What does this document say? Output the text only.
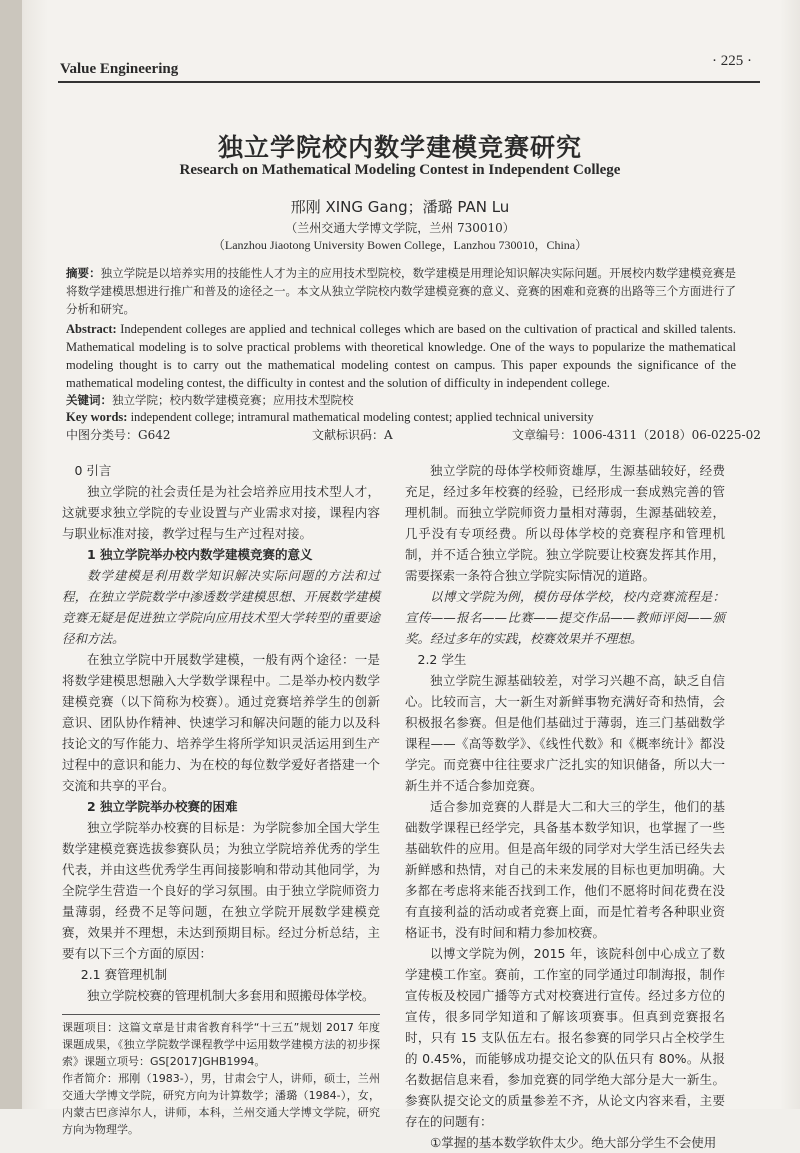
Value Engineering	· 225 ·
独立学院校内数学建模竞赛研究
Research on Mathematical Modeling Contest in Independent College
邢刚 XING Gang；潘璐 PAN Lu
（兰州交通大学博文学院，兰州 730010）
（Lanzhou Jiaotong University Bowen College，Lanzhou 730010，China）
摘要：独立学院是以培养实用的技能性人才为主的应用技术型院校，数学建模是用理论知识解决实际问题。开展校内数学建模竞赛是将数学建模思想进行推广和普及的途径之一。本文从独立学院校内数学建模竞赛的意义、竞赛的困难和竞赛的出路等三个方面进行了分析和研究。
Abstract: Independent colleges are applied and technical colleges which are based on the cultivation of practical and skilled talents. Mathematical modeling is to solve practical problems with theoretical knowledge. One of the ways to popularize the mathematical modeling thought is to carry out the mathematical modeling contest on campus. This paper expounds the significance of the mathematical modeling contest, the difficulty in contest and the solution of difficulty in independent college.
关键词：独立学院；校内数学建模竞赛；应用技术型院校
Key words: independent college; intramural mathematical modeling contest; applied technical university
中图分类号：G642	文献标识码：A	文章编号：1006-4311（2018）06-0225-02
0 引言

独立学院的社会责任是为社会培养应用技术型人才，这就要求独立学院的专业设置与产业需求对接，课程内容与职业标准对接，教学过程与生产过程对接。

1 独立学院举办校内数学建模竞赛的意义

数学建模是利用数学知识解决实际问题的方法和过程，在独立学院数学中渗透数学建模思想、开展数学建模竞赛无疑是促进独立学院向应用技术型大学转型的重要途径和方法。

在独立学院中开展数学建模，一般有两个途径：一是将数学建模思想融入大学数学课程中。二是举办校内数学建模竞赛（以下简称为校赛）。通过竞赛培养学生的创新意识、团队协作精神、快速学习和解决问题的能力以及科技论文的写作能力、培养学生将所学知识灵活运用到生产过程中的意识和能力、为在校的每位数学爱好者搭建一个交流和共享的平台。

2 独立学院举办校赛的困难

独立学院举办校赛的目标是：为学院参加全国大学生数学建模竞赛选拔参赛队员；为独立学院培养优秀的学生代表，并由这些优秀学生再间接影响和带动其他同学，为全院学生营造一个良好的学习氛围。由于独立学院师资力量薄弱，经费不足等问题，在独立学院开展数学建模竞赛，效果并不理想，未达到预期目标。经过分析总结，主要有以下三个方面的原因：

2.1 赛管理机制

独立学院校赛的管理机制大多套用和照搬母体学校。

课题项目：这篇文章是甘肃省教育科学“十三五”规划 2017 年度课题成果，《独立学院数学课程教学中运用数学建模方法的初步探索》课题立项号：GS[2017]GHB1994。
作者简介：邢刚（1983-），男，甘肃会宁人，讲师，硕士，兰州交通大学博文学院，研究方向为计算数学；潘璐（1984-），女，内蒙古巴彦淖尔人，讲师，本科，兰州交通大学博文学院，研究方向为物理学。

独立学院的母体学校师资雄厚，生源基础较好，经费充足，经过多年校赛的经验，已经形成一套成熟完善的管理机制。而独立学院师资力量相对薄弱，生源基础较差，几乎没有专项经费。所以母体学校的竞赛程序和管理机制，并不适合独立学院。独立学院要让校赛发挥其作用，需要探索一条符合独立学院实际情况的道路。

以博文学院为例，模仿母体学校，校内竞赛流程是：宣传——报名——比赛——提交作品——教师评阅——颁奖。经过多年的实践，校赛效果并不理想。

2.2 学生

独立学院生源基础较差，对学习兴趣不高，缺乏自信心。比较而言，大一新生对新鲜事物充满好奇和热情，会积极报名参赛。但是他们基础过于薄弱，连三门基础数学课程——《高等数学》、《线性代数》和《概率统计》都没学完。而竞赛中往往要求广泛扎实的知识储备，所以大一新生并不适合参加竞赛。

适合参加竞赛的人群是大二和大三的学生，他们的基础数学课程已经学完，具备基本数学知识，也掌握了一些基础软件的应用。但是高年级的同学对大学生活已经失去新鲜感和热情，对自己的未来发展的目标也更加明确。大多都在考虑将来能否找到工作，他们不愿将时间花费在没有直接利益的活动或者竞赛上面，而是忙着考各种职业资格证书，没有时间和精力参加校赛。

以博文学院为例，2015 年，该院科创中心成立了数学建模工作室。赛前，工作室的同学通过印制海报，制作宣传板及校园广播等方式对校赛进行宣传。经过多方位的宣传，很多同学知道和了解该项赛事。但真到竞赛报名时，只有 15 支队伍左右。报名参赛的同学只占全校学生的 0.45%，而能够成功提交论文的队伍只有 80%。从报名数据信息来看，参加竞赛的同学绝大部分是大一新生。参赛队提交论文的质量参差不齐，从论文内容来看，主要存在的问题有：

①掌握的基本数学软件太少。绝大部分学生不会使用
